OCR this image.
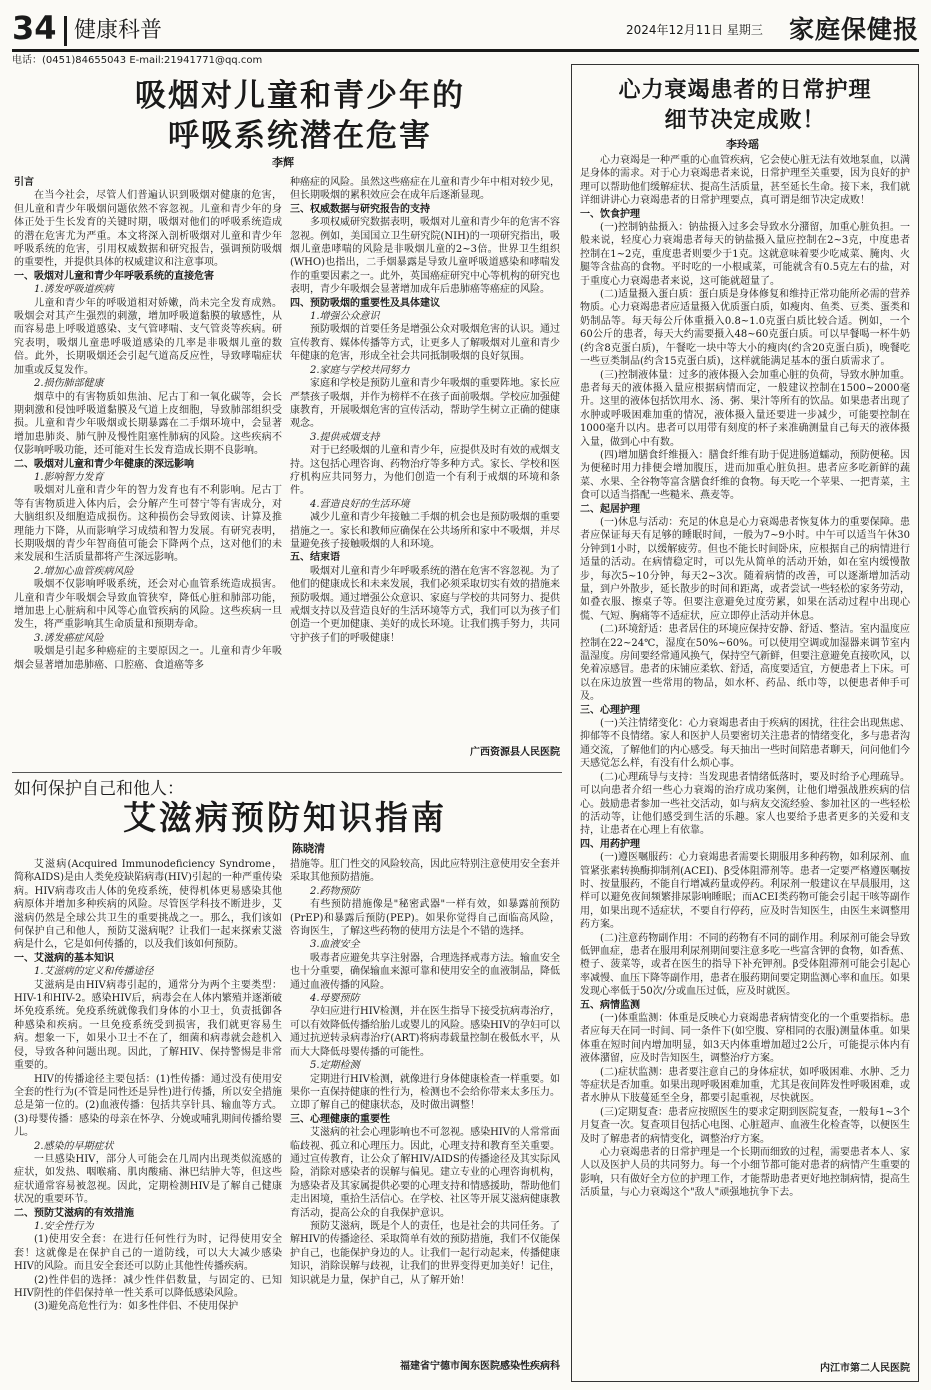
34 健康科普	2024年12月11日 星期三 家庭保健报
电话：(0451)84655043 E-mail:21941771@qq.com
吸烟对儿童和青少年的
呼吸系统潜在危害
李辉
引言

在当今社会，尽管人们普遍认识到吸烟对健康的危害，但儿童和青少年吸烟问题依然不容忽视。儿童和青少年的身体正处于生长发育的关键时期，吸烟对他们的呼吸系统造成的潜在危害尤为严重。本文将深入剖析吸烟对儿童和青少年呼吸系统的危害，引用权威数据和研究报告，强调预防吸烟的重要性，并提供具体的权威建议和注意事项。

一、吸烟对儿童和青少年呼吸系统的直接危害
1.诱发呼吸道疾病

儿童和青少年的呼吸道相对娇嫩，尚未完全发育成熟。吸烟会对其产生强烈的刺激，增加呼吸道黏膜的敏感性，从而容易患上呼吸道感染、支气管哮喘、支气管炎等疾病。研究表明，吸烟儿童患呼吸道感染的几率是非吸烟儿童的数倍。此外，长期吸烟还会引起气道高反应性，导致哮喘症状加重或反复发作。

2.损伤肺部健康

烟草中的有害物质如焦油、尼古丁和一氧化碳等，会长期刺激和侵蚀呼吸道黏膜及气道上皮细胞，导致肺部组织受损。儿童和青少年吸烟或长期暴露在二手烟环境中，会显著增加患肺炎、肺气肿及慢性阻塞性肺病的风险。这些疾病不仅影响呼吸功能，还可能对生长发育造成长期不良影响。

二、吸烟对儿童和青少年健康的深远影响
1.影响智力发育

吸烟对儿童和青少年的智力发育也有不利影响。尼古丁等有害物质进入体内后，会分解产生可替宁等有害成分，对大脑组织及细胞造成损伤。这种损伤会导致阅读、计算及推理能力下降，从而影响学习成绩和智力发展。有研究表明，长期吸烟的青少年智商值可能会下降两个点，这对他们的未来发展和生活质量都将产生深远影响。

2.增加心血管疾病风险

吸烟不仅影响呼吸系统，还会对心血管系统造成损害。儿童和青少年吸烟会导致血管狭窄，降低心脏和肺部功能，增加患上心脏病和中风等心血管疾病的风险。这些疾病一旦发生，将严重影响其生命质量和预期寿命。

3.诱发癌症风险

吸烟是引起多种癌症的主要原因之一。儿童和青少年吸烟会显著增加患肺癌、口腔癌、食道癌等多

种癌症的风险。虽然这些癌症在儿童和青少年中相对较少见，但长期吸烟的累积效应会在成年后逐渐显现。

三、权威数据与研究报告的支持

多项权威研究数据表明，吸烟对儿童和青少年的危害不容忽视。例如，美国国立卫生研究院(NIH)的一项研究指出，吸烟儿童患哮喘的风险是非吸烟儿童的2~3倍。世界卫生组织(WHO)也指出，二手烟暴露是导致儿童呼吸道感染和哮喘发作的重要因素之一。此外，英国癌症研究中心等机构的研究也表明，青少年吸烟会显著增加成年后患肺癌等癌症的风险。

四、预防吸烟的重要性及具体建议
1.增强公众意识

预防吸烟的首要任务是增强公众对吸烟危害的认识。通过宣传教育、媒体传播等方式，让更多人了解吸烟对儿童和青少年健康的危害，形成全社会共同抵制吸烟的良好氛围。

2.家庭与学校共同努力

家庭和学校是预防儿童和青少年吸烟的重要阵地。家长应严禁孩子吸烟，并作为榜样不在孩子面前吸烟。学校应加强健康教育，开展吸烟危害的宣传活动，帮助学生树立正确的健康观念。

3.提供戒烟支持

对于已经吸烟的儿童和青少年，应提供及时有效的戒烟支持。这包括心理咨询、药物治疗等多种方式。家长、学校和医疗机构应共同努力，为他们创造一个有利于戒烟的环境和条件。

4.营造良好的生活环境

减少儿童和青少年接触二手烟的机会也是预防吸烟的重要措施之一。家长和教师应确保在公共场所和家中不吸烟，并尽量避免孩子接触吸烟的人和环境。

五、结束语

吸烟对儿童和青少年呼吸系统的潜在危害不容忽视。为了他们的健康成长和未来发展，我们必须采取切实有效的措施来预防吸烟。通过增强公众意识、家庭与学校的共同努力、提供戒烟支持以及营造良好的生活环境等方式，我们可以为孩子们创造一个更加健康、美好的成长环境。让我们携手努力，共同守护孩子们的呼吸健康！

广西资源县人民医院
如何保护自己和他人：
艾滋病预防知识指南
陈晓清

艾滋病(Acquired Immunodeficiency Syndrome，简称AIDS)是由人类免疫缺陷病毒(HIV)引起的一种严重传染病。HIV病毒攻击人体的免疫系统，使得机体更易感染其他病原体并增加多种疾病的风险。尽管医学科技不断进步，艾滋病仍然是全球公共卫生的重要挑战之一。那么，我们该如何保护自己和他人，预防艾滋病呢？让我们一起来探索艾滋病是什么，它是如何传播的，以及我们该如何预防。

一、艾滋病的基本知识
1.艾滋病的定义和传播途径

艾滋病是由HIV病毒引起的，通常分为两个主要类型：HIV-1和HIV-2。感染HIV后，病毒会在人体内繁殖并逐渐破坏免疫系统。免疫系统就像我们身体的小卫士，负责抵御各种感染和疾病。一旦免疫系统受到损害，我们就更容易生病。想象一下，如果小卫士不在了，细菌和病毒就会趁机入侵，导致各种问题出现。因此，了解HIV、保持警惕是非常重要的。

HIV的传播途径主要包括：(1)性传播：通过没有使用安全套的性行为(不管是同性还是异性)进行传播，所以安全措施总是第一位的。(2)血液传播：包括共享针具、输血等方式。(3)母婴传播：感染的母亲在怀孕、分娩或哺乳期间传播给婴儿。

2.感染的早期症状

一旦感染HIV，部分人可能会在几周内出现类似流感的症状，如发热、咽喉痛、肌肉酸痛、淋巴结肿大等，但这些症状通常容易被忽视。因此，定期检测HIV是了解自己健康状况的重要环节。

二、预防艾滋病的有效措施
1.安全性行为

(1)使用安全套：在进行任何性行为时，记得使用安全套！这就像是在保护自己的一道防线，可以大大减少感染HIV的风险。而且安全套还可以防止其他性传播疾病。

(2)性伴侣的选择：减少性伴侣数量，与固定的、已知HIV阴性的伴侣保持单一性关系可以降低感染风险。

(3)避免高危性行为：如多性伴侣、不使用保护

措施等。肛门性交的风险较高，因此应特别注意使用安全套并采取其他预防措施。

2.药物预防

有些预防措施像是"秘密武器"一样有效，如暴露前预防(PrEP)和暴露后预防(PEP)。如果你觉得自己面临高风险，咨询医生，了解这些药物的使用方法是个不错的选择。

3.血液安全

吸毒者应避免共享注射器，合理选择戒毒方法。输血安全也十分重要，确保输血来源可靠和使用安全的血液制品，降低通过血液传播的风险。

4.母婴预防

孕妇应进行HIV检测，并在医生指导下接受抗病毒治疗，可以有效降低传播给胎儿或婴儿的风险。感染HIV的孕妇可以通过抗逆转录病毒治疗(ART)将病毒载量控制在极低水平，从而大大降低母婴传播的可能性。

5.定期检测

定期进行HIV检测，就像进行身体健康检查一样重要。如果你一直保持健康的性行为，检测也不会给你带来太多压力。立即了解自己的健康状态，及时做出调整！

三、心理健康的重要性

艾滋病的社会心理影响也不可忽视。感染HIV的人常常面临歧视、孤立和心理压力。因此，心理支持和教育至关重要。通过宣传教育，让公众了解HIV/AIDS的传播途径及其实际风险，消除对感染者的误解与偏见。建立专业的心理咨询机构，为感染者及其家属提供必要的心理支持和情感援助，帮助他们走出困境，重拾生活信心。在学校、社区等开展艾滋病健康教育活动，提高公众的自我保护意识。

预防艾滋病，既是个人的责任，也是社会的共同任务。了解HIV的传播途径、采取简单有效的预防措施，我们不仅能保护自己，也能保护身边的人。让我们一起行动起来，传播健康知识，消除误解与歧视，让我们的世界变得更加美好！记住，知识就是力量，保护自己，从了解开始！

福建省宁德市闽东医院感染性疾病科
心力衰竭患者的日常护理
细节决定成败！
李玲瑶

心力衰竭是一种严重的心血管疾病，它会使心脏无法有效地泵血，以满足身体的需求。对于心力衰竭患者来说，日常护理至关重要，因为良好的护理可以帮助他们缓解症状、提高生活质量，甚至延长生命。接下来，我们就详细讲讲心力衰竭患者的日常护理要点，真可谓是细节决定成败！

一、饮食护理

(一)控制钠盐摄入：钠盐摄入过多会导致水分潴留，加重心脏负担。一般来说，轻度心力衰竭患者每天的钠盐摄入量应控制在2~3克，中度患者控制在1~2克，重度患者则要少于1克。这就意味着要少吃咸菜、腌肉、火腿等含盐高的食物。平时吃的一小根咸菜，可能就含有0.5克左右的盐，对于重度心力衰竭患者来说，这可能就超量了。

(二)适量摄入蛋白质：蛋白质是身体修复和维持正常功能所必需的营养物质。心力衰竭患者应适量摄入优质蛋白质，如瘦肉、鱼类、豆类、蛋类和奶制品等。每天每公斤体重摄入0.8~1.0克蛋白质比较合适。例如，一个60公斤的患者，每天大约需要摄入48~60克蛋白质。可以早餐喝一杯牛奶(约含8克蛋白质)，午餐吃一块中等大小的瘦肉(约含20克蛋白质)，晚餐吃一些豆类制品(约含15克蛋白质)，这样就能满足基本的蛋白质需求了。

(三)控制液体量：过多的液体摄入会加重心脏的负荷，导致水肿加重。患者每天的液体摄入量应根据病情而定，一般建议控制在1500~2000毫升。这里的液体包括饮用水、汤、粥、果汁等所有的饮品。如果患者出现了水肿或呼吸困难加重的情况，液体摄入量还要进一步减少，可能要控制在1000毫升以内。患者可以用带有刻度的杯子来准确测量自己每天的液体摄入量，做到心中有数。

(四)增加膳食纤维摄入：膳食纤维有助于促进肠道蠕动，预防便秘。因为便秘时用力排便会增加腹压，进而加重心脏负担。患者应多吃新鲜的蔬菜、水果、全谷物等富含膳食纤维的食物。每天吃一个苹果、一把青菜，主食可以适当搭配一些糙米、燕麦等。

二、起居护理

(一)休息与活动：充足的休息是心力衰竭患者恢复体力的重要保障。患者应保证每天有足够的睡眠时间，一般为7~9小时。中午可以适当午休30分钟到1小时，以缓解疲劳。但也不能长时间卧床，应根据自己的病情进行适量的活动。在病情稳定时，可以先从简单的活动开始，如在室内缓慢散步，每次5~10分钟，每天2~3次。随着病情的改善，可以逐渐增加活动量，到户外散步，延长散步的时间和距离，或者尝试一些轻松的家务劳动，如叠衣服、擦桌子等。但要注意避免过度劳累，如果在活动过程中出现心慌、气短、胸痛等不适症状，应立即停止活动并休息。

(二)环境舒适：患者居住的环境应保持安静、舒适、整洁。室内温度应控制在22~24℃，湿度在50%~60%。可以使用空调或加湿器来调节室内温湿度。房间要经常通风换气，保持空气新鲜，但要注意避免直接吹风，以免着凉感冒。患者的床铺应柔软、舒适，高度要适宜，方便患者上下床。可以在床边放置一些常用的物品，如水杯、药品、纸巾等，以便患者伸手可及。

三、心理护理

(一)关注情绪变化：心力衰竭患者由于疾病的困扰，往往会出现焦虑、抑郁等不良情绪。家人和医护人员要密切关注患者的情绪变化，多与患者沟通交流，了解他们的内心感受。每天抽出一些时间陪患者聊天，问问他们今天感觉怎么样，有没有什么烦心事。

(二)心理疏导与支持：当发现患者情绪低落时，要及时给予心理疏导。可以向患者介绍一些心力衰竭的治疗成功案例，让他们增强战胜疾病的信心。鼓励患者参加一些社交活动，如与病友交流经验、参加社区的一些轻松的活动等，让他们感受到生活的乐趣。家人也要给予患者更多的关爱和支持，让患者在心理上有依靠。

四、用药护理

(一)遵医嘱服药：心力衰竭患者需要长期服用多种药物，如利尿剂、血管紧张素转换酶抑制剂(ACEI)、β受体阻滞剂等。患者一定要严格遵医嘱按时、按量服药，不能自行增减药量或停药。利尿剂一般建议在早晨服用，这样可以避免夜间频繁排尿影响睡眠；而ACEI类药物可能会引起干咳等副作用，如果出现不适症状，不要自行停药，应及时告知医生，由医生来调整用药方案。

(二)注意药物副作用：不同的药物有不同的副作用。利尿剂可能会导致低钾血症，患者在服用利尿剂期间要注意多吃一些富含钾的食物，如香蕉、橙子、菠菜等，或者在医生的指导下补充钾剂。β受体阻滞剂可能会引起心率减慢、血压下降等副作用，患者在服药期间要定期监测心率和血压。如果发现心率低于50次/分或血压过低，应及时就医。

五、病情监测

(一)体重监测：体重是反映心力衰竭患者病情变化的一个重要指标。患者应每天在同一时间、同一条件下(如空腹、穿相同的衣服)测量体重。如果体重在短时间内增加明显，如3天内体重增加超过2公斤，可能提示体内有液体潴留，应及时告知医生，调整治疗方案。

(二)症状监测：患者要注意自己的身体症状，如呼吸困难、水肿、乏力等症状是否加重。如果出现呼吸困难加重，尤其是夜间阵发性呼吸困难，或者水肿从下肢蔓延至全身，都要引起重视，尽快就医。

(三)定期复查：患者应按照医生的要求定期到医院复查，一般每1~3个月复查一次。复查项目包括心电图、心脏超声、血液生化检查等，以便医生及时了解患者的病情变化，调整治疗方案。

心力衰竭患者的日常护理是一个长期而细致的过程，需要患者本人、家人以及医护人员的共同努力。每一个小细节都可能对患者的病情产生重要的影响，只有做好全方位的护理工作，才能帮助患者更好地控制病情，提高生活质量，与心力衰竭这个"敌人"顽强地抗争下去。

内江市第二人民医院
